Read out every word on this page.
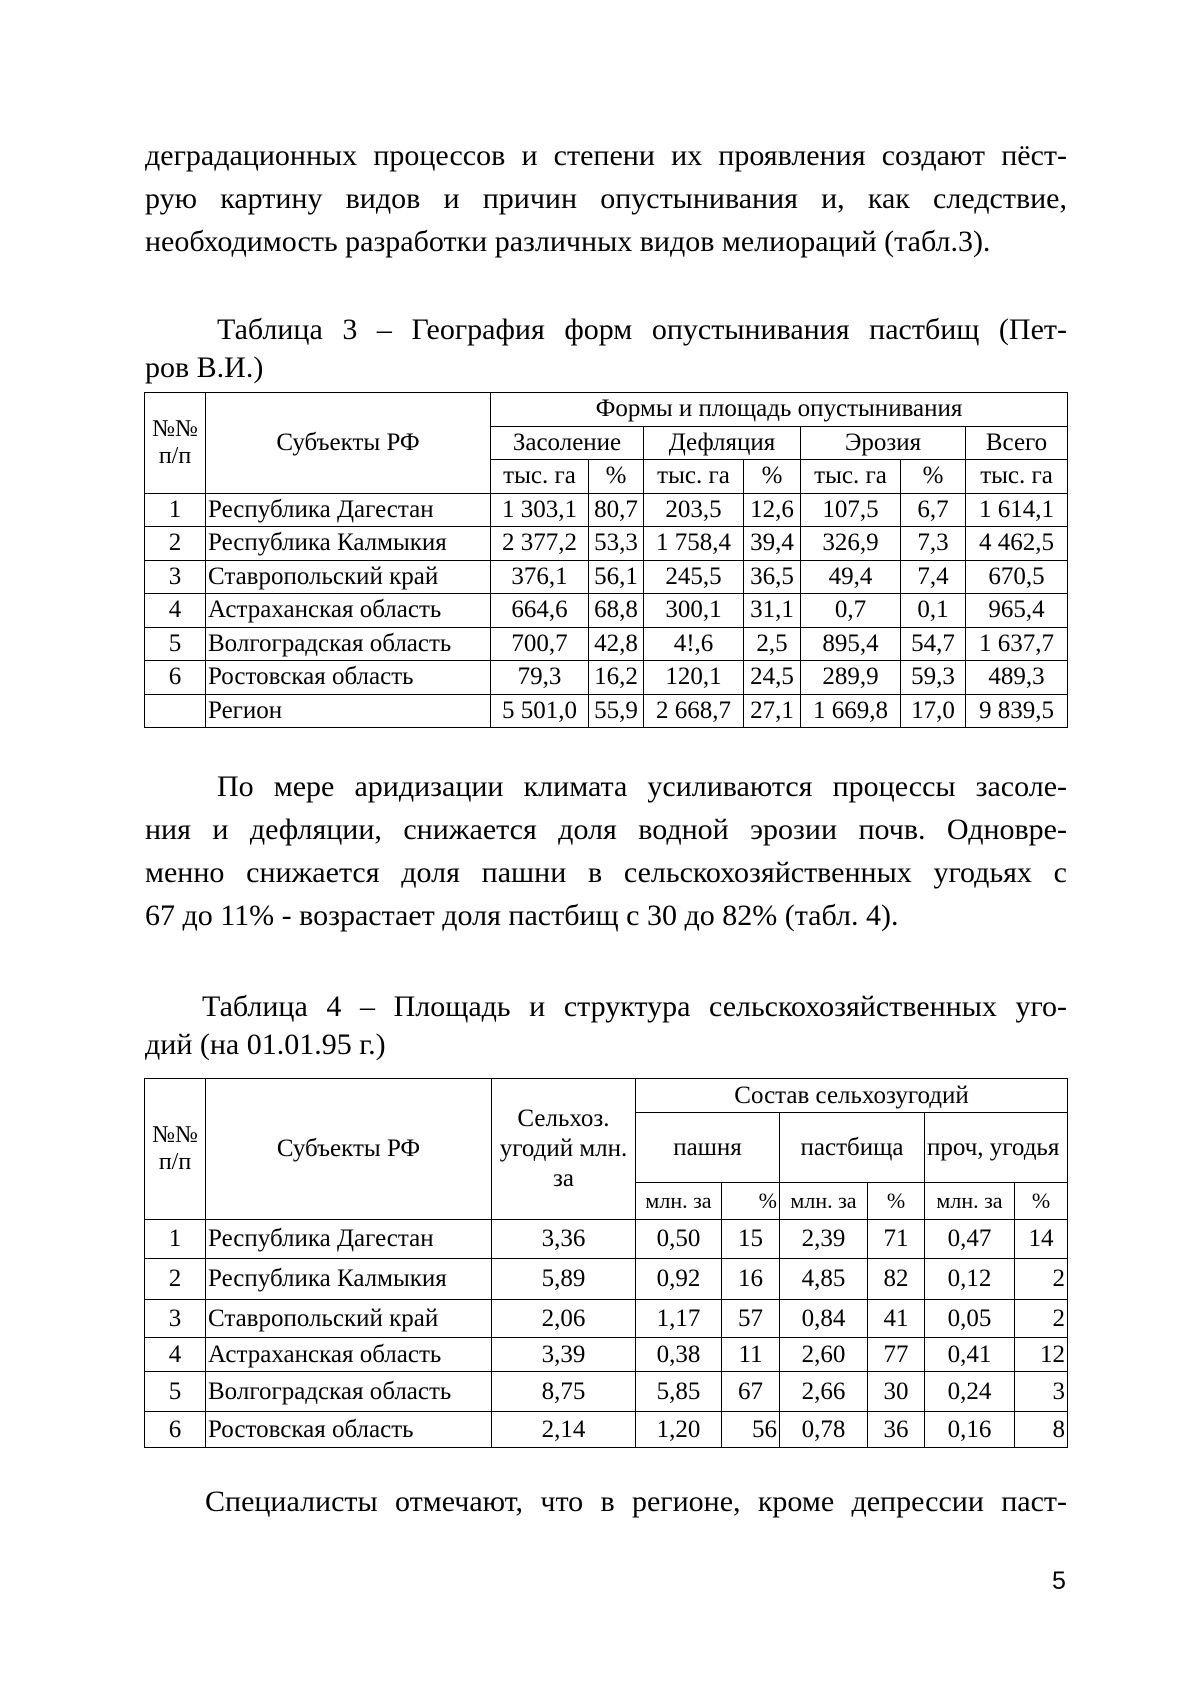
деградационных процессов и степени их проявления создают пёст-
рую картину видов и причин опустынивания и, как следствие,
необходимость разработки различных видов мелиораций (табл.3).
Таблица 3 – География форм опустынивания пастбищ (Пет-
ров В.И.)
№№ п/п	Субъекты РФ	Формы и площадь опустынивания						
		Засоление		Дефляция		Эрозия		Всего
		тыс. га	%	тыс. га	%	тыс. га	%	тыс. га
1	Республика Дагестан	1 303,1	80,7	203,5	12,6	107,5	6,7	1 614,1
2	Республика Калмыкия	2 377,2	53,3	1 758,4	39,4	326,9	7,3	4 462,5
3	Ставропольский край	376,1	56,1	245,5	36,5	49,4	7,4	670,5
4	Астраханская область	664,6	68,8	300,1	31,1	0,7	0,1	965,4
5	Волгоградская область	700,7	42,8	4!,6	2,5	895,4	54,7	1 637,7
6	Ростовская область	79,3	16,2	120,1	24,5	289,9	59,3	489,3
	Регион	5 501,0	55,9	2 668,7	27,1	1 669,8	17,0	9 839,5
По мере аридизации климата усиливаются процессы засоле-
ния и дефляции, снижается доля водной эрозии почв. Одновре-
менно снижается доля пашни в сельскохозяйственных угодьях с
67 до 11% - возрастает доля пастбищ с 30 до 82% (табл. 4).
Таблица 4 – Площадь и структура сельскохозяйственных уго-
дий (на 01.01.95 г.)
№№ п/п	Субъекты РФ	Сельхоз. угодий млн. за	Состав сельхозугодий					
			пашня		пастбища		проч, угодья	
			млн. за	%	млн. за	%	млн. за	%
1	Республика Дагестан	3,36	0,50	15	2,39	71	0,47	14
2	Республика Калмыкия	5,89	0,92	16	4,85	82	0,12	2
3	Ставропольский край	2,06	1,17	57	0,84	41	0,05	2
4	Астраханская область	3,39	0,38	11	2,60	77	0,41	12
5	Волгоградская область	8,75	5,85	67	2,66	30	0,24	3
6	Ростовская область	2,14	1,20	56	0,78	36	0,16	8
Специалисты отмечают, что в регионе, кроме депрессии паст-
5
